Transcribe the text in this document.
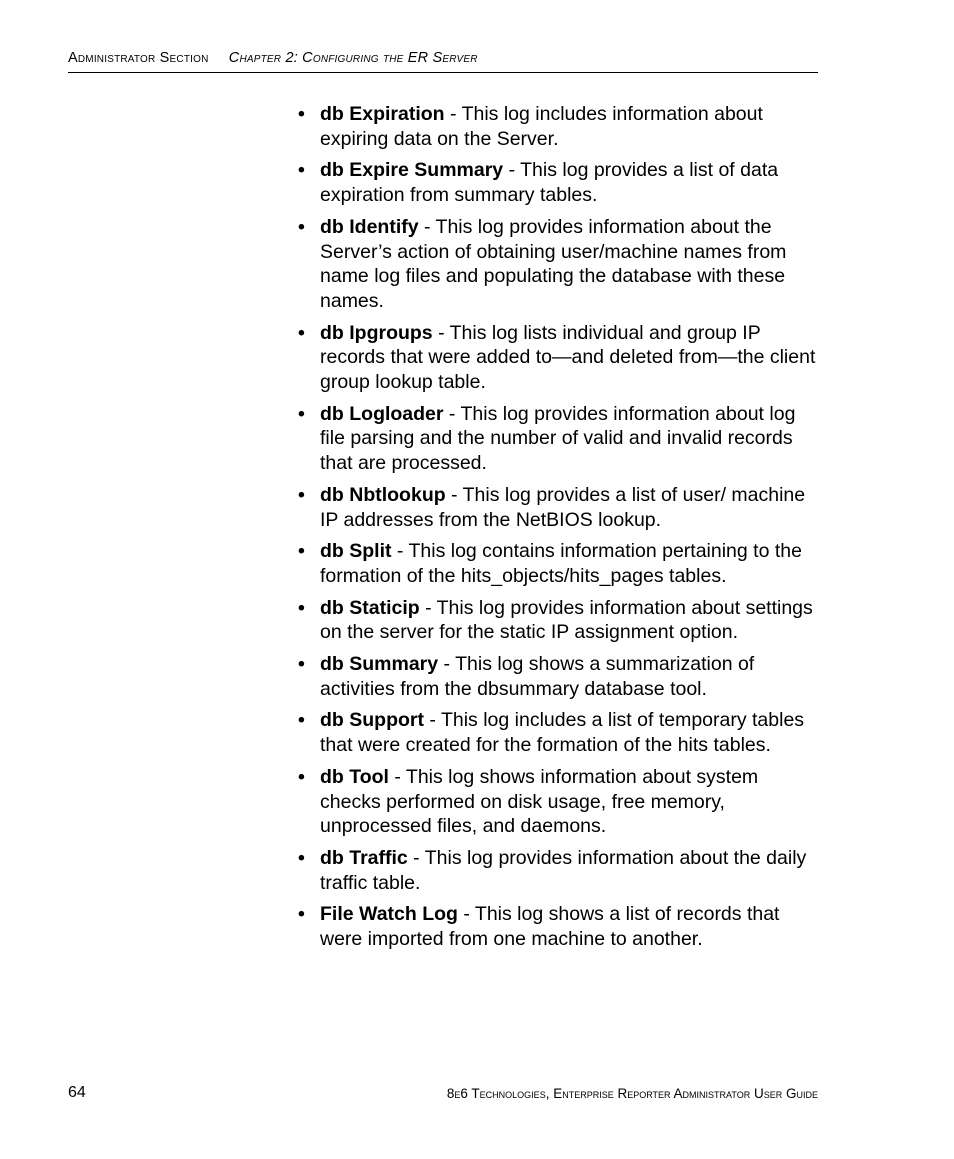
Administrator Section Chapter 2: Configuring the ER Server
• db Expiration - This log includes information about expiring data on the Server.
• db Expire Summary - This log provides a list of data expiration from summary tables.
• db Identify - This log provides information about the Server’s action of obtaining user/machine names from name log files and populating the database with these names.
• db Ipgroups - This log lists individual and group IP records that were added to—and deleted from—the client group lookup table.
• db Logloader - This log provides information about log file parsing and the number of valid and invalid records that are processed.
• db Nbtlookup - This log provides a list of user/ machine IP addresses from the NetBIOS lookup.
• db Split - This log contains information pertaining to the formation of the hits_objects/hits_pages tables.
• db Staticip - This log provides information about settings on the server for the static IP assignment option.
• db Summary - This log shows a summarization of activities from the dbsummary database tool.
• db Support - This log includes a list of temporary tables that were created for the formation of the hits tables.
• db Tool - This log shows information about system checks performed on disk usage, free memory, unprocessed files, and daemons.
• db Traffic - This log provides information about the daily traffic table.
• File Watch Log - This log shows a list of records that were imported from one machine to another.
64	8e6 Technologies, Enterprise Reporter Administrator User Guide
